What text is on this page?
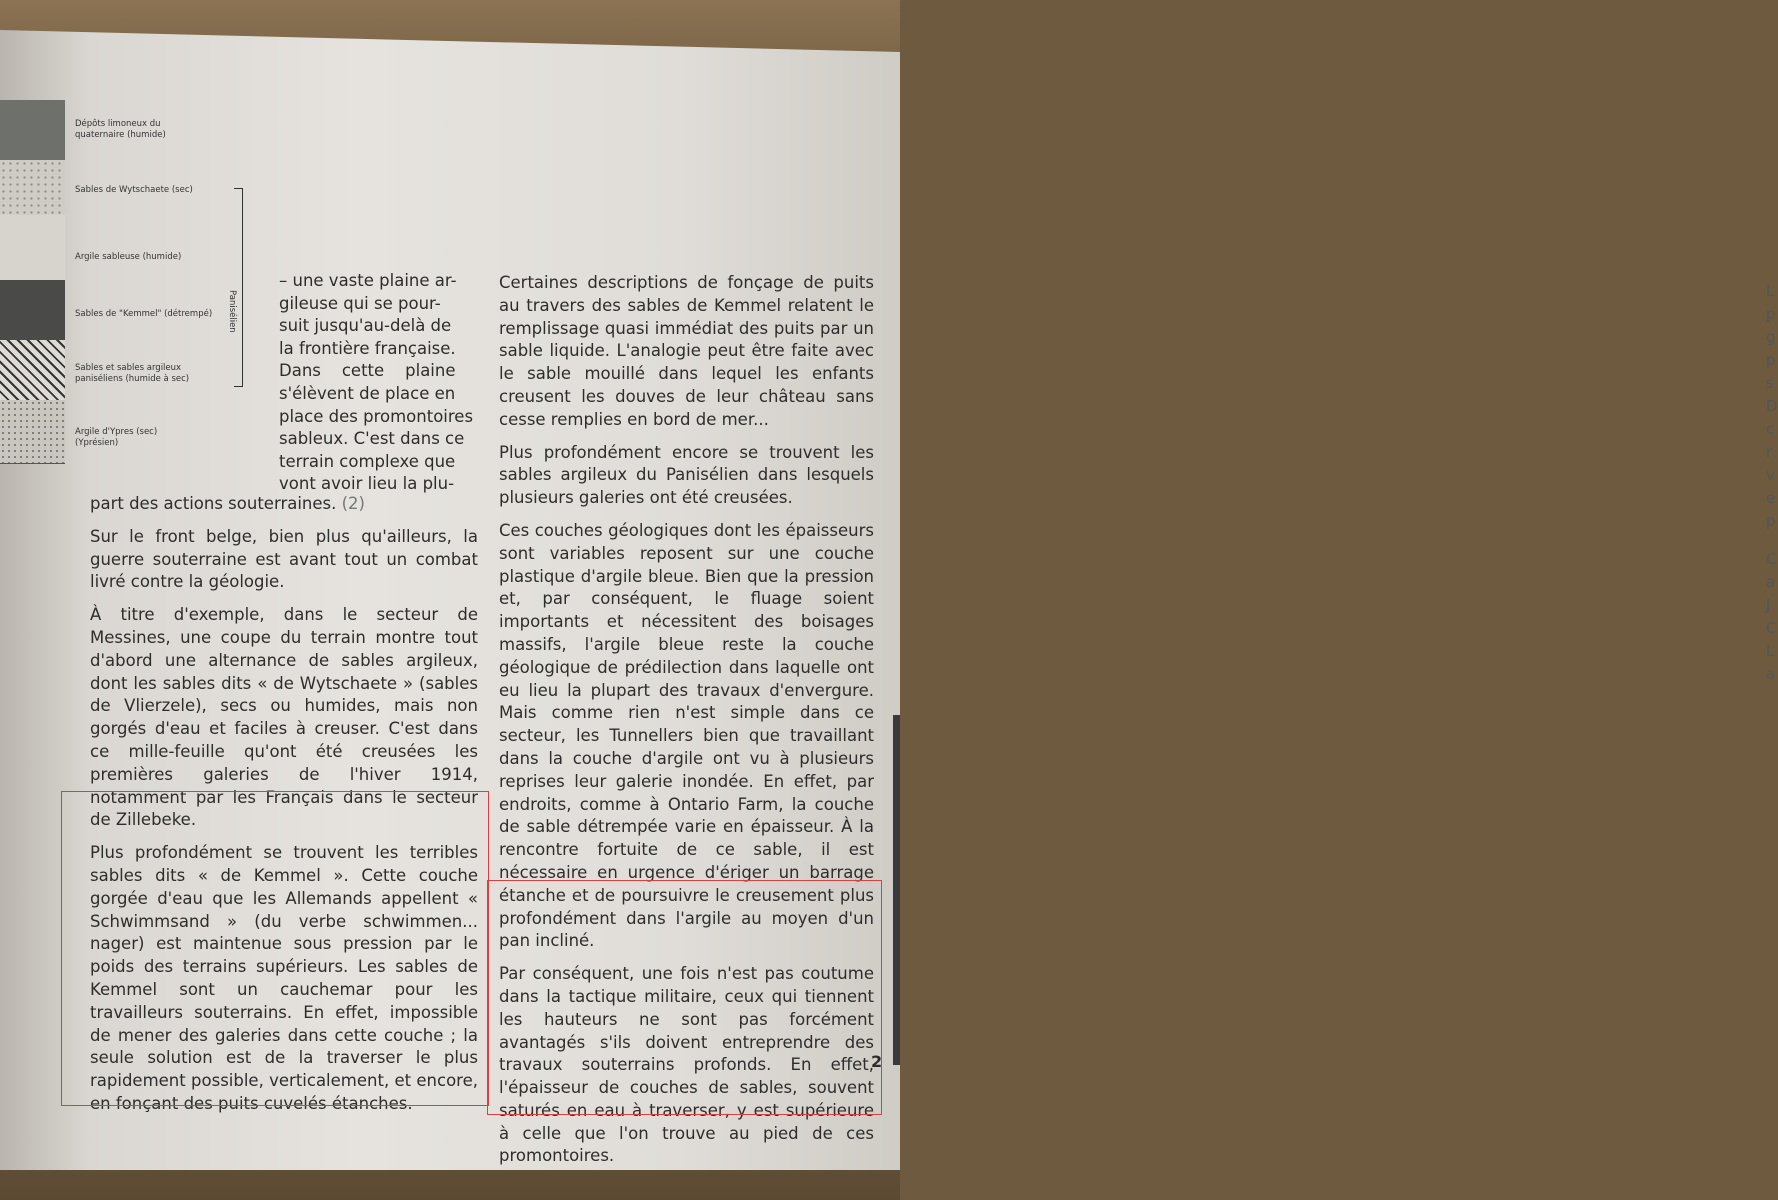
Dépôts limoneux du
quaternaire (humide)
Sables de Wytschaete (sec)
Argile sableuse (humide)
Sables de "Kemmel" (détrempé)
Sables et sables argileux
paniséliens (humide à sec)
Argile d'Ypres (sec)
(Yprésien)
Panisélien
– une vaste plaine ar-
gileuse qui se pour-
suit jusqu'au-delà de
la frontière française.
Dans    cette    plaine
s'élèvent de place en
place des promontoires
sableux. C'est dans ce
terrain complexe que
vont avoir lieu la plu-

part des actions souterraines. (2)

Sur le front belge, bien plus qu'ailleurs, la guerre souterraine est avant tout un combat livré contre la géologie.

À titre d'exemple, dans le secteur de Messines, une coupe du terrain montre tout d'abord une alternance de sables argileux, dont les sables dits « de Wytschaete » (sables de Vlierzele), secs ou humides, mais non gorgés d'eau et faciles à creuser. C'est dans ce mille-feuille qu'ont été creusées les premières galeries de l'hiver 1914, notamment par les Français dans le secteur de Zillebeke.

Plus profondément se trouvent les terribles sables dits « de Kemmel ». Cette couche gorgée d'eau que les Allemands appellent « Schwimmsand » (du verbe schwimmen... nager) est maintenue sous pression par le poids des terrains supérieurs. Les sables de Kemmel sont un cauchemar pour les travailleurs souterrains. En effet, impossible de mener des galeries dans cette couche ; la seule solution est de la traverser le plus rapidement possible, verticalement, et encore, en fonçant des puits cuvelés étanches.

Certaines descriptions de fonçage de puits au travers des sables de Kemmel relatent le remplissage quasi immédiat des puits par un sable liquide. L'analogie peut être faite avec le sable mouillé dans lequel les enfants creusent les douves de leur château sans cesse remplies en bord de mer...

Plus profondément encore se trouvent les sables argileux du Panisélien dans lesquels plusieurs galeries ont été creusées.

Ces couches géologiques dont les épaisseurs sont variables reposent sur une couche plastique d'argile bleue. Bien que la pression et, par conséquent, le fluage soient importants et nécessitent des boisages massifs, l'argile bleue reste la couche géologique de prédilection dans laquelle ont eu lieu la plupart des travaux d'envergure. Mais comme rien n'est simple dans ce secteur, les Tunnellers bien que travaillant dans la couche d'argile ont vu à plusieurs reprises leur galerie inondée. En effet, par endroits, comme à Ontario Farm, la couche de sable détrempée varie en épaisseur. À la rencontre fortuite de ce sable, il est nécessaire en urgence d'ériger un barrage étanche et de poursuivre le creusement plus profondément dans l'argile au moyen d'un pan incliné.

Par conséquent, une fois n'est pas coutume dans la tactique militaire, ceux qui tiennent les hauteurs ne sont pas forcément avantagés s'ils doivent entreprendre des travaux souterrains profonds. En effet, l'épaisseur de couches de sables, souvent saturés en eau à traverser, y est supérieure à celle que l'on trouve au pied de ces promontoires.

2
L
p
g
p
s
D
c
r
v
e
p
C
a
J
C
L
a
